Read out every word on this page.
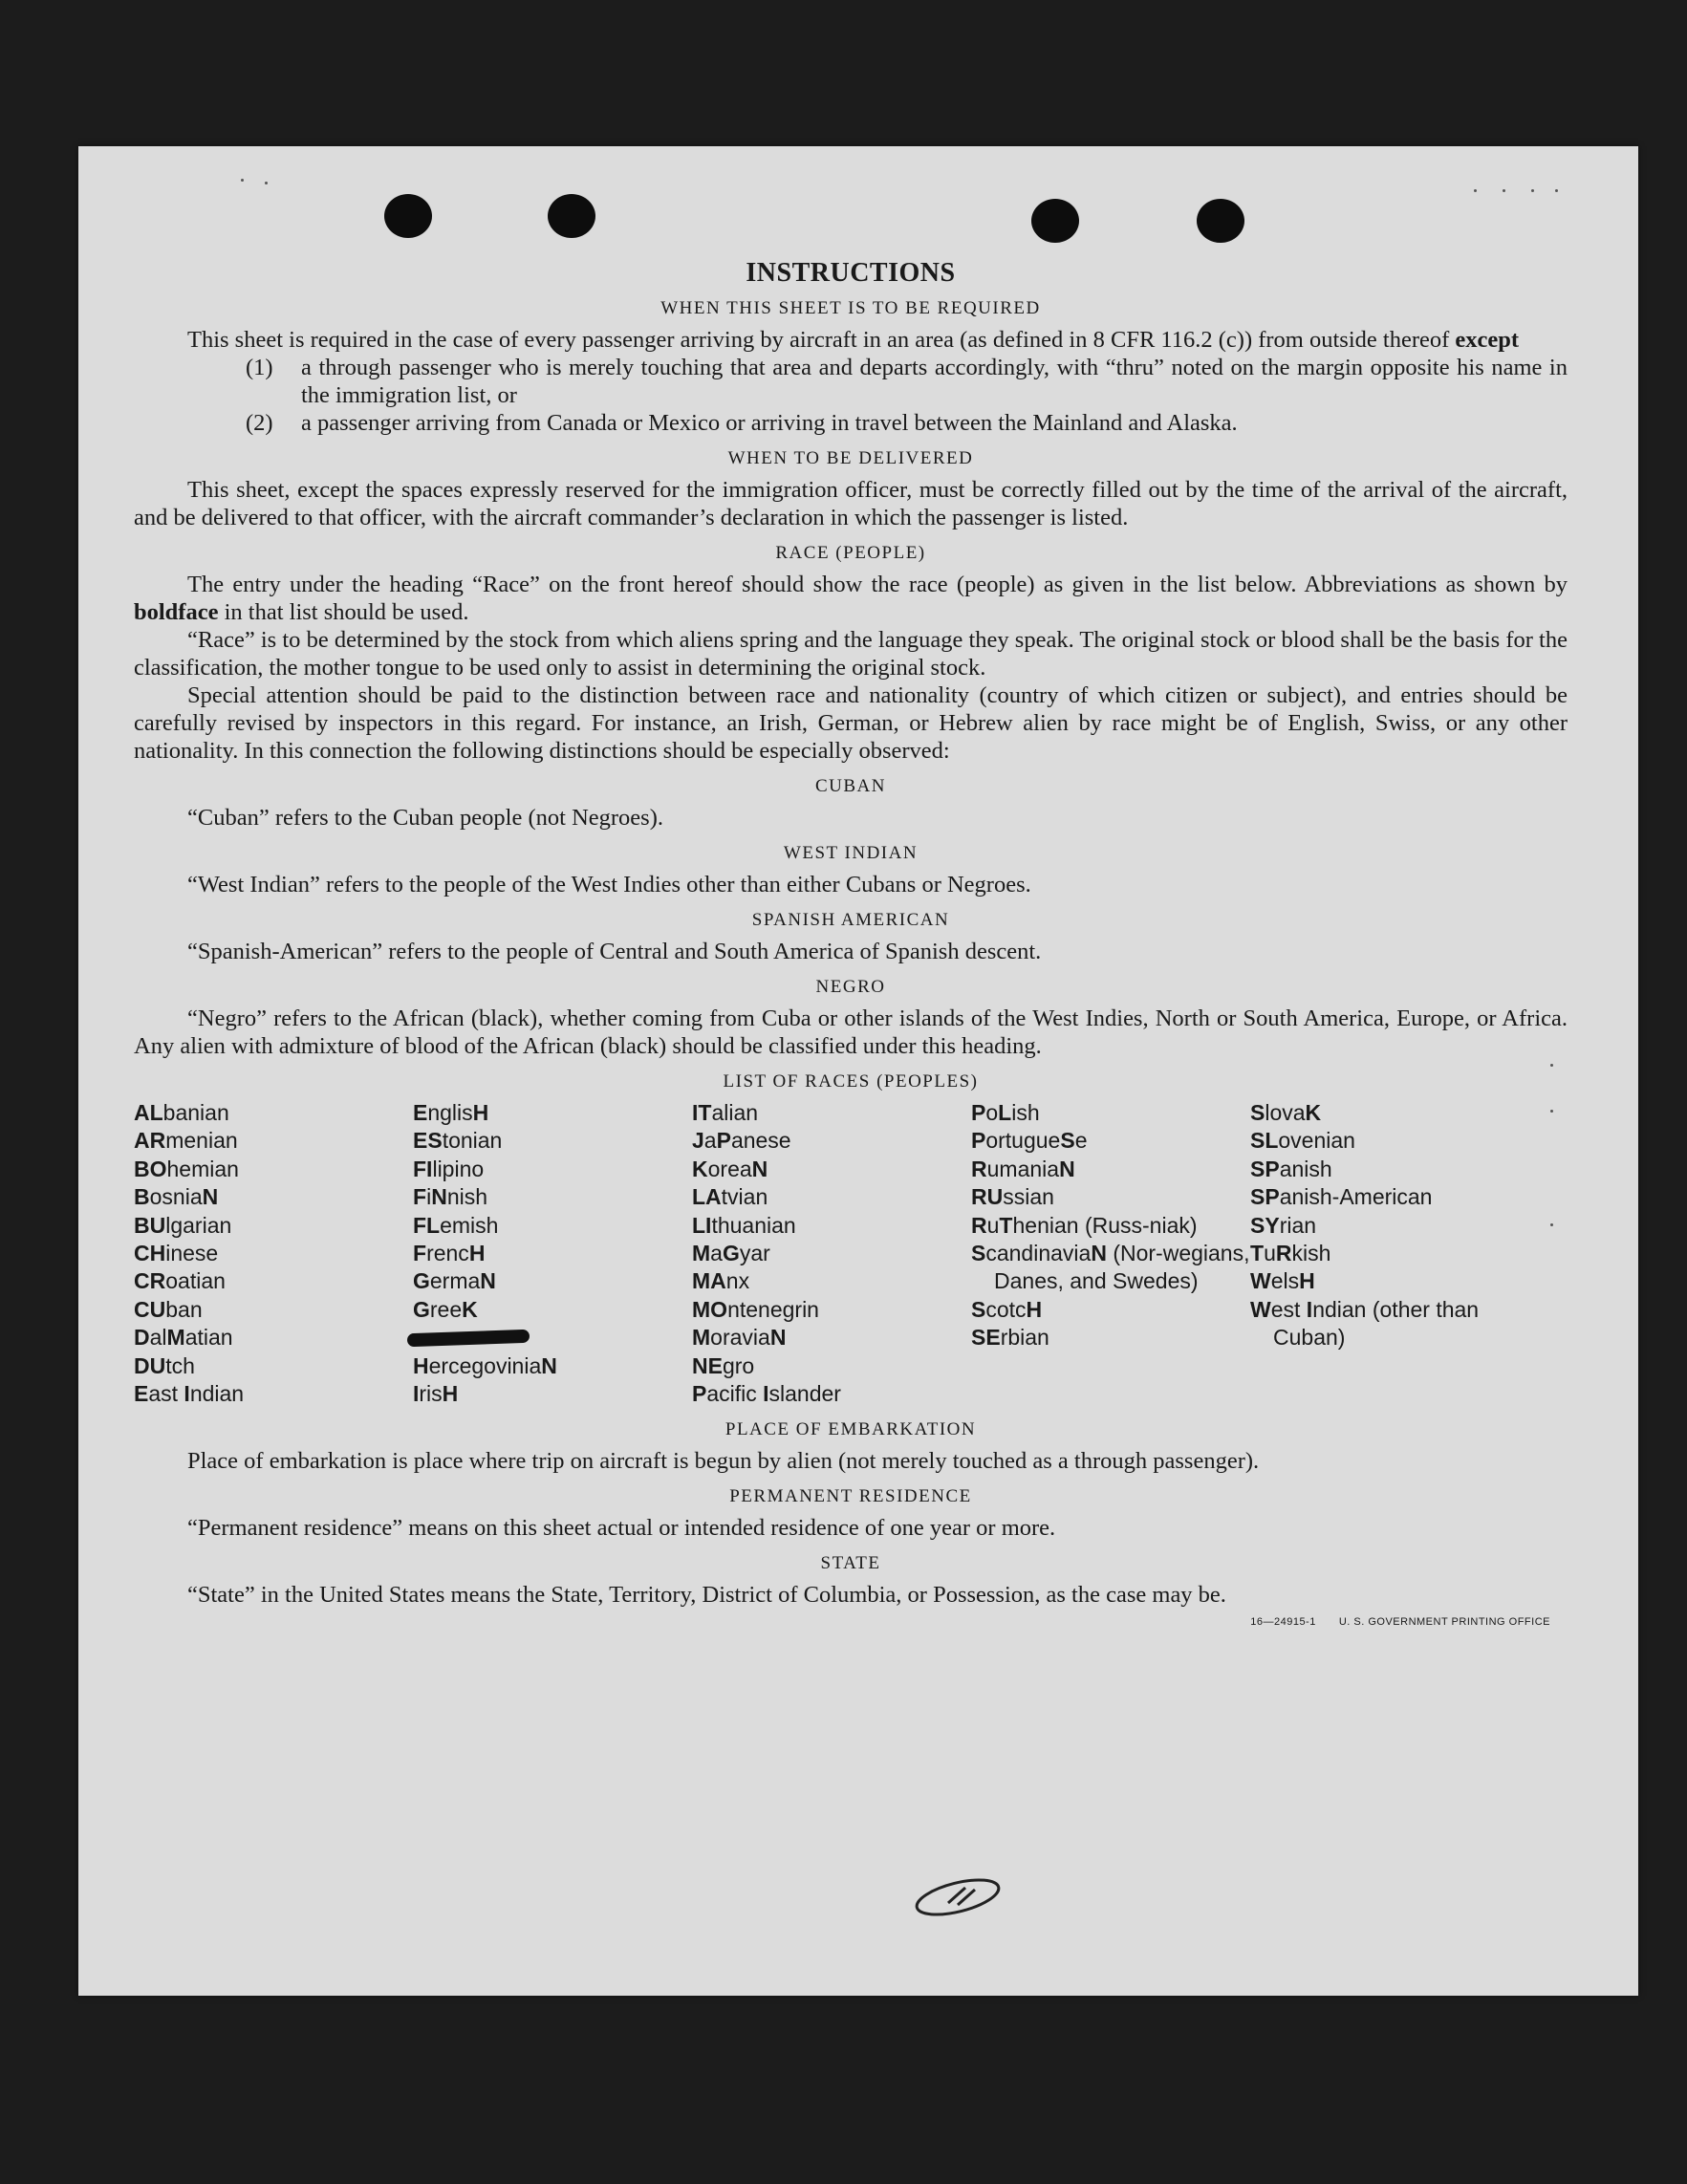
INSTRUCTIONS
WHEN THIS SHEET IS TO BE REQUIRED

This sheet is required in the case of every passenger arriving by aircraft in an area (as defined in 8 CFR 116.2 (c)) from outside thereof except

(1)	a through passenger who is merely touching that area and departs accordingly, with “thru” noted on the margin opposite his name in the immigration list, or
(2)	a passenger arriving from Canada or Mexico or arriving in travel between the Mainland and Alaska.
WHEN TO BE DELIVERED

This sheet, except the spaces expressly reserved for the immigration officer, must be correctly filled out by the time of the arrival of the aircraft, and be delivered to that officer, with the aircraft commander’s declaration in which the passenger is listed.

RACE (PEOPLE)

The entry under the heading “Race” on the front hereof should show the race (people) as given in the list below. Abbreviations as shown by boldface in that list should be used.

“Race” is to be determined by the stock from which aliens spring and the language they speak. The original stock or blood shall be the basis for the classification, the mother tongue to be used only to assist in determining the original stock.

Special attention should be paid to the distinction between race and nationality (country of which citizen or subject), and entries should be carefully revised by inspectors in this regard. For instance, an Irish, German, or Hebrew alien by race might be of English, Swiss, or any other nationality. In this connection the following distinctions should be especially observed:

CUBAN

“Cuban” refers to the Cuban people (not Negroes).

WEST INDIAN

“West Indian” refers to the people of the West Indies other than either Cubans or Negroes.

SPANISH AMERICAN

“Spanish-American” refers to the people of Central and South America of Spanish descent.

NEGRO

“Negro” refers to the African (black), whether coming from Cuba or other islands of the West Indies, North or South America, Europe, or Africa. Any alien with admixture of blood of the African (black) should be classified under this heading.

LIST OF RACES (PEOPLES)
ALbanian
ARmenian
BOhemian
BosniaN
BUlgarian
CHinese
CRoatian
CUban
DalMatian
DUtch
East Indian
EnglisH
EStonian
FIlipino
FiNnish
FLemish
FrencH
GermaN
GreeK
HercegoviniaN
IrisH
ITalian
JaPanese
KoreaN
LAtvian
LIthuanian
MaGyar
MAnx
MOntenegrin
MoraviaN
NEgro
Pacific Islander
PoLish
PortugueSe
RumaniaN
RUssian
RuThenian (Russ-niak)
ScandinaviaN (Nor-wegians, Danes, and Swedes)
ScotcH
SErbian
SlovaK
SLovenian
SPanish
SPanish-American
SYrian
TuRkish
WelsH
West Indian (other than Cuban)
PLACE OF EMBARKATION

Place of embarkation is place where trip on aircraft is begun by alien (not merely touched as a through passenger).

PERMANENT RESIDENCE

“Permanent residence” means on this sheet actual or intended residence of one year or more.

STATE

“State” in the United States means the State, Territory, District of Columbia, or Possession, as the case may be.

16—24915-1 U. S. GOVERNMENT PRINTING OFFICE
